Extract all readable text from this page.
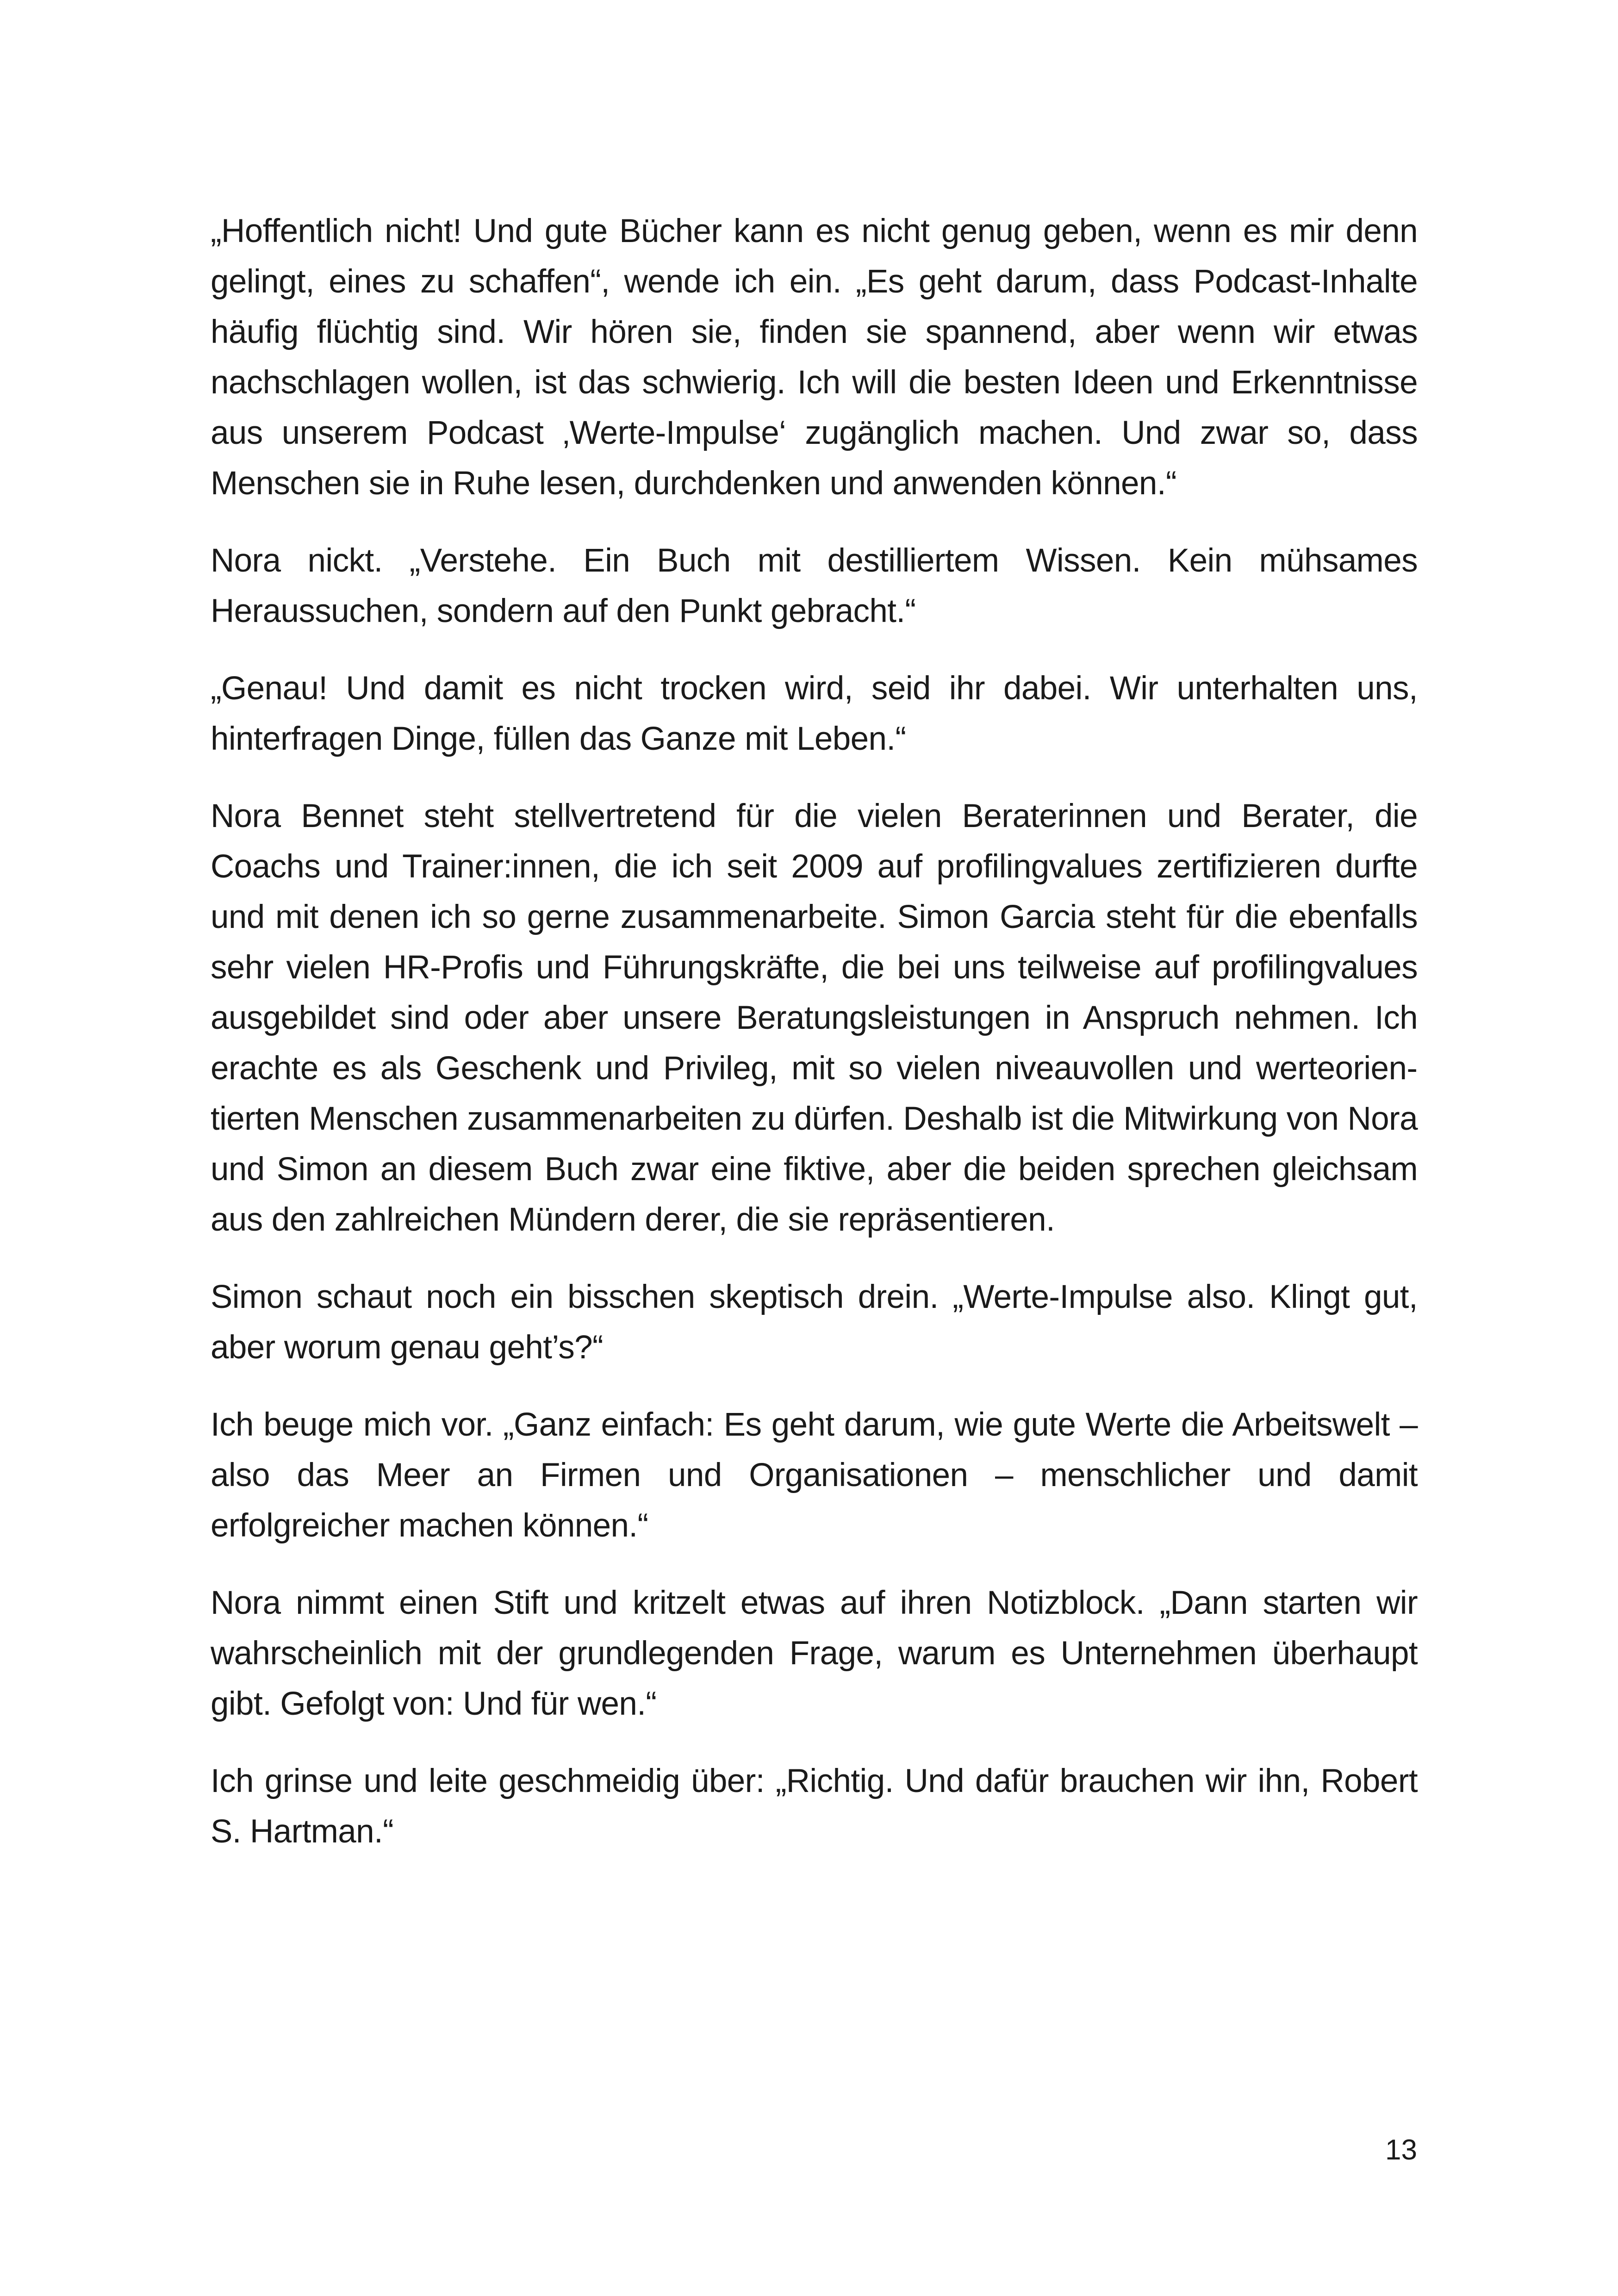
„Hoffentlich nicht! Und gute Bücher kann es nicht genug geben, wenn es mir denn gelingt, eines zu schaffen“, wende ich ein. „Es geht darum, dass Podcast-Inhalte häufig flüchtig sind. Wir hören sie, finden sie spannend, aber wenn wir etwas nachschlagen wollen, ist das schwierig. Ich will die besten Ideen und Erkenntnisse aus unserem Podcast ‚Werte-Impulse‘ zugänglich machen. Und zwar so, dass Menschen sie in Ruhe lesen, durchdenken und anwenden können.“

Nora nickt. „Verstehe. Ein Buch mit destilliertem Wissen. Kein mühsames Heraussuchen, sondern auf den Punkt gebracht.“

„Genau! Und damit es nicht trocken wird, seid ihr dabei. Wir unterhalten uns, hinterfragen Dinge, füllen das Ganze mit Leben.“

Nora Bennet steht stellvertretend für die vielen Beraterinnen und Berater, die Coachs und Trainer:innen, die ich seit 2009 auf profilingvalues zertifizieren durfte und mit denen ich so gerne zusammenarbeite. Simon Garcia steht für die ebenfalls sehr vielen HR-Profis und Führungskräfte, die bei uns teilweise auf profilingvalues ausgebildet sind oder aber unsere Beratungsleistungen in Anspruch nehmen. Ich erachte es als Geschenk und Privileg, mit so vielen niveauvollen und werteorientierten Menschen zusammenarbeiten zu dürfen. Deshalb ist die Mitwirkung von Nora und Simon an diesem Buch zwar eine fiktive, aber die beiden sprechen gleichsam aus den zahlreichen Mündern derer, die sie repräsentieren.

Simon schaut noch ein bisschen skeptisch drein. „Werte-Impulse also. Klingt gut, aber worum genau geht’s?“

Ich beuge mich vor. „Ganz einfach: Es geht darum, wie gute Werte die Arbeitswelt – also das Meer an Firmen und Organisationen – menschlicher und damit erfolgreicher machen können.“

Nora nimmt einen Stift und kritzelt etwas auf ihren Notizblock. „Dann starten wir wahrscheinlich mit der grundlegenden Frage, warum es Unternehmen überhaupt gibt. Gefolgt von: Und für wen.“

Ich grinse und leite geschmeidig über: „Richtig. Und dafür brauchen wir ihn, Robert S. Hartman.“

13
